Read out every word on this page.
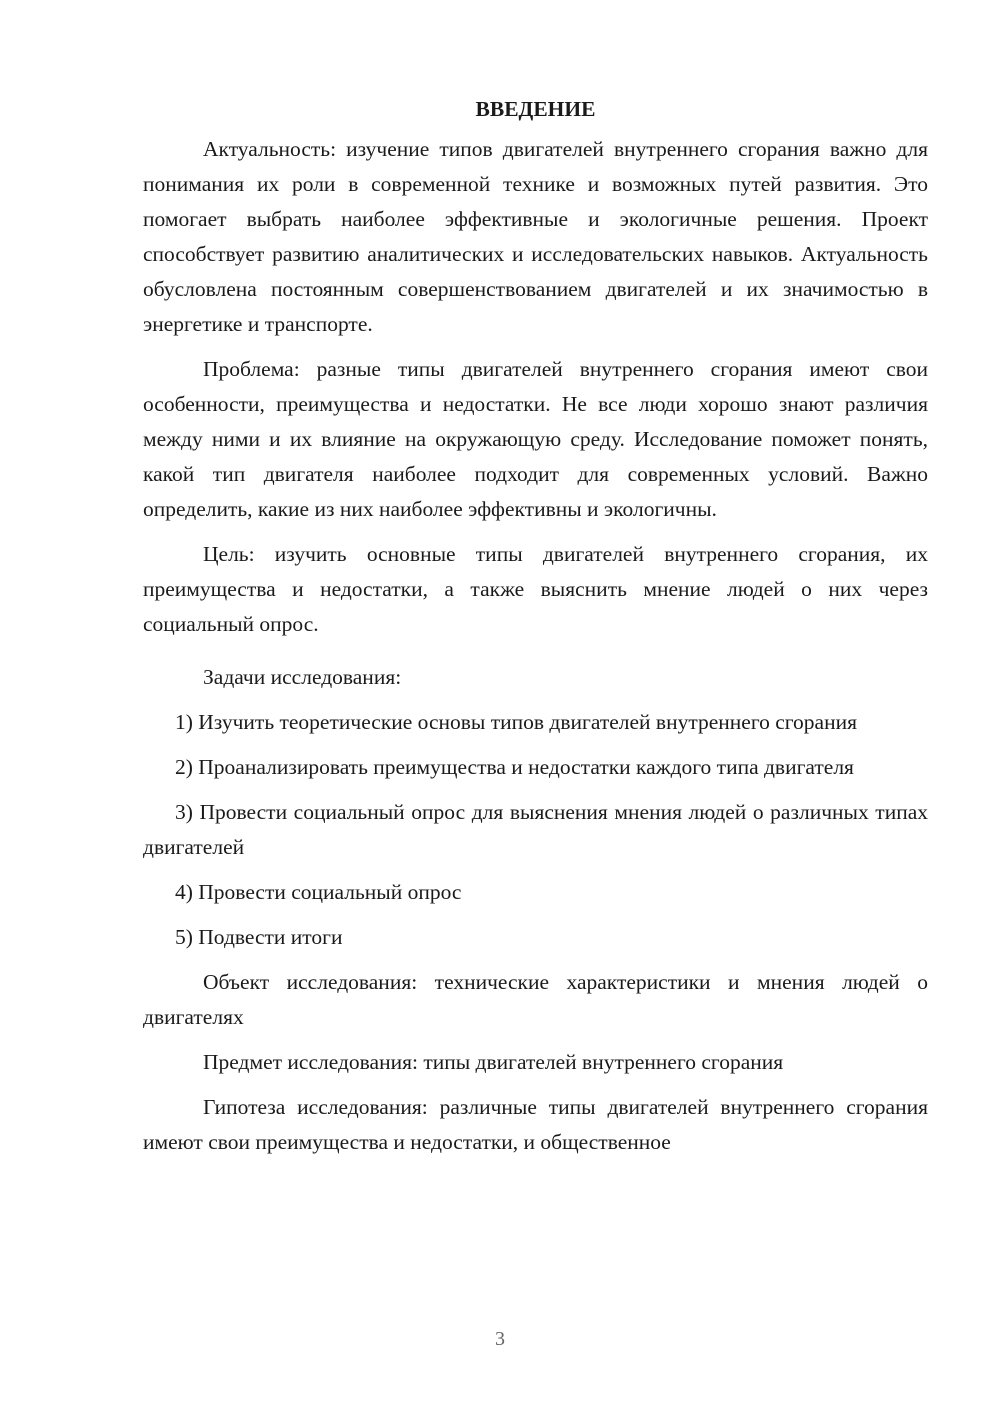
ВВЕДЕНИЕ

Актуальность: изучение типов двигателей внутреннего сгорания важно для понимания их роли в современной технике и возможных путей развития. Это помогает выбрать наиболее эффективные и экологичные решения. Проект способствует развитию аналитических и исследовательских навыков. Актуальность обусловлена постоянным совершенствованием двигателей и их значимостью в энергетике и транспорте.

Проблема: разные типы двигателей внутреннего сгорания имеют свои особенности, преимущества и недостатки. Не все люди хорошо знают различия между ними и их влияние на окружающую среду. Исследование поможет понять, какой тип двигателя наиболее подходит для современных условий. Важно определить, какие из них наиболее эффективны и экологичны.

Цель: изучить основные типы двигателей внутреннего сгорания, их преимущества и недостатки, а также выяснить мнение людей о них через социальный опрос.

Задачи исследования:

1) Изучить теоретические основы типов двигателей внутреннего сгорания

2) Проанализировать преимущества и недостатки каждого типа двигателя

3) Провести социальный опрос для выяснения мнения людей о различных типах двигателей

4) Провести социальный опрос

5) Подвести итоги

Объект исследования: технические характеристики и мнения людей о двигателях

Предмет исследования: типы двигателей внутреннего сгорания

Гипотеза исследования: различные типы двигателей внутреннего сгорания имеют свои преимущества и недостатки, и общественное

3
